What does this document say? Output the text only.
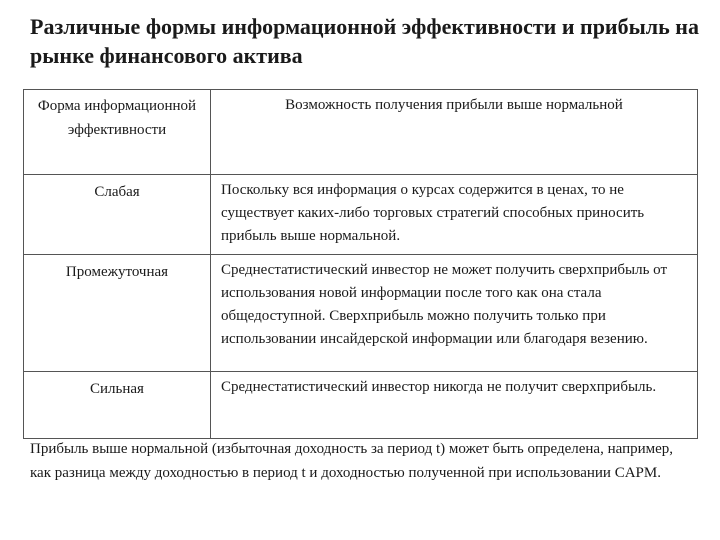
Различные формы информационной эффективности и прибыль на рынке финансового актива
Форма информационной эффективности	Возможность получения прибыли выше нормальной
Слабая	Поскольку вся информация о курсах содержится в ценах, то не существует каких-либо торговых стратегий способных приносить прибыль выше нормальной.
Промежуточная	Среднестатистический инвестор не может получить сверхприбыль от использования новой информации после того как она стала общедоступной. Сверхприбыль можно получить только при использовании инсайдерской информации или благодаря везению.
Сильная	Среднестатистический инвестор никогда не получит сверхприбыль.
Прибыль выше нормальной (избыточная доходность за период t) может быть определена, например, как разница между доходностью в период t и доходностью полученной при использовании CAPM.
